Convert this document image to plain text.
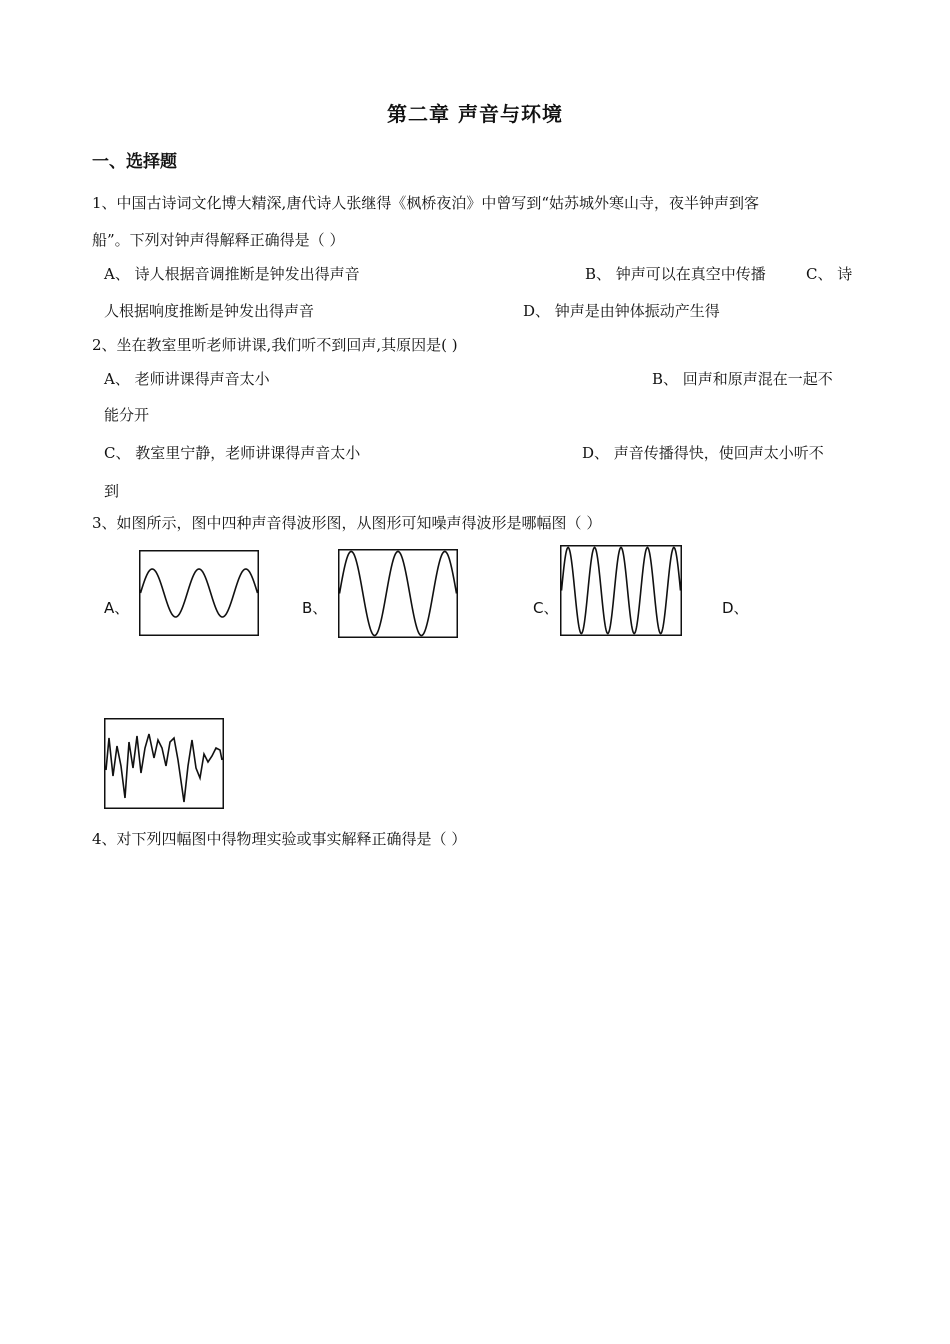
第二章 声音与环境
一、选择题
1、中国古诗词文化博大精深,唐代诗人张继得《枫桥夜泊》中曾写到“姑苏城外寒山寺，夜半钟声到客
船”。下列对钟声得解释正确得是（ ）
A、 诗人根据音调推断是钟发出得声音	B、 钟声可以在真空中传播	C、 诗
人根据响度推断是钟发出得声音	D、 钟声是由钟体振动产生得
2、坐在教室里听老师讲课,我们听不到回声,其原因是( )
A、 老师讲课得声音太小	B、 回声和原声混在一起不
能分开
C、 教室里宁静，老师讲课得声音太小	D、 声音传播得快，使回声太小听不
到
3、如图所示，图中四种声音得波形图，从图形可知噪声得波形是哪幅图（ ）
A、	B、	C、	D、
4、对下列四幅图中得物理实验或事实解释正确得是（ ）
